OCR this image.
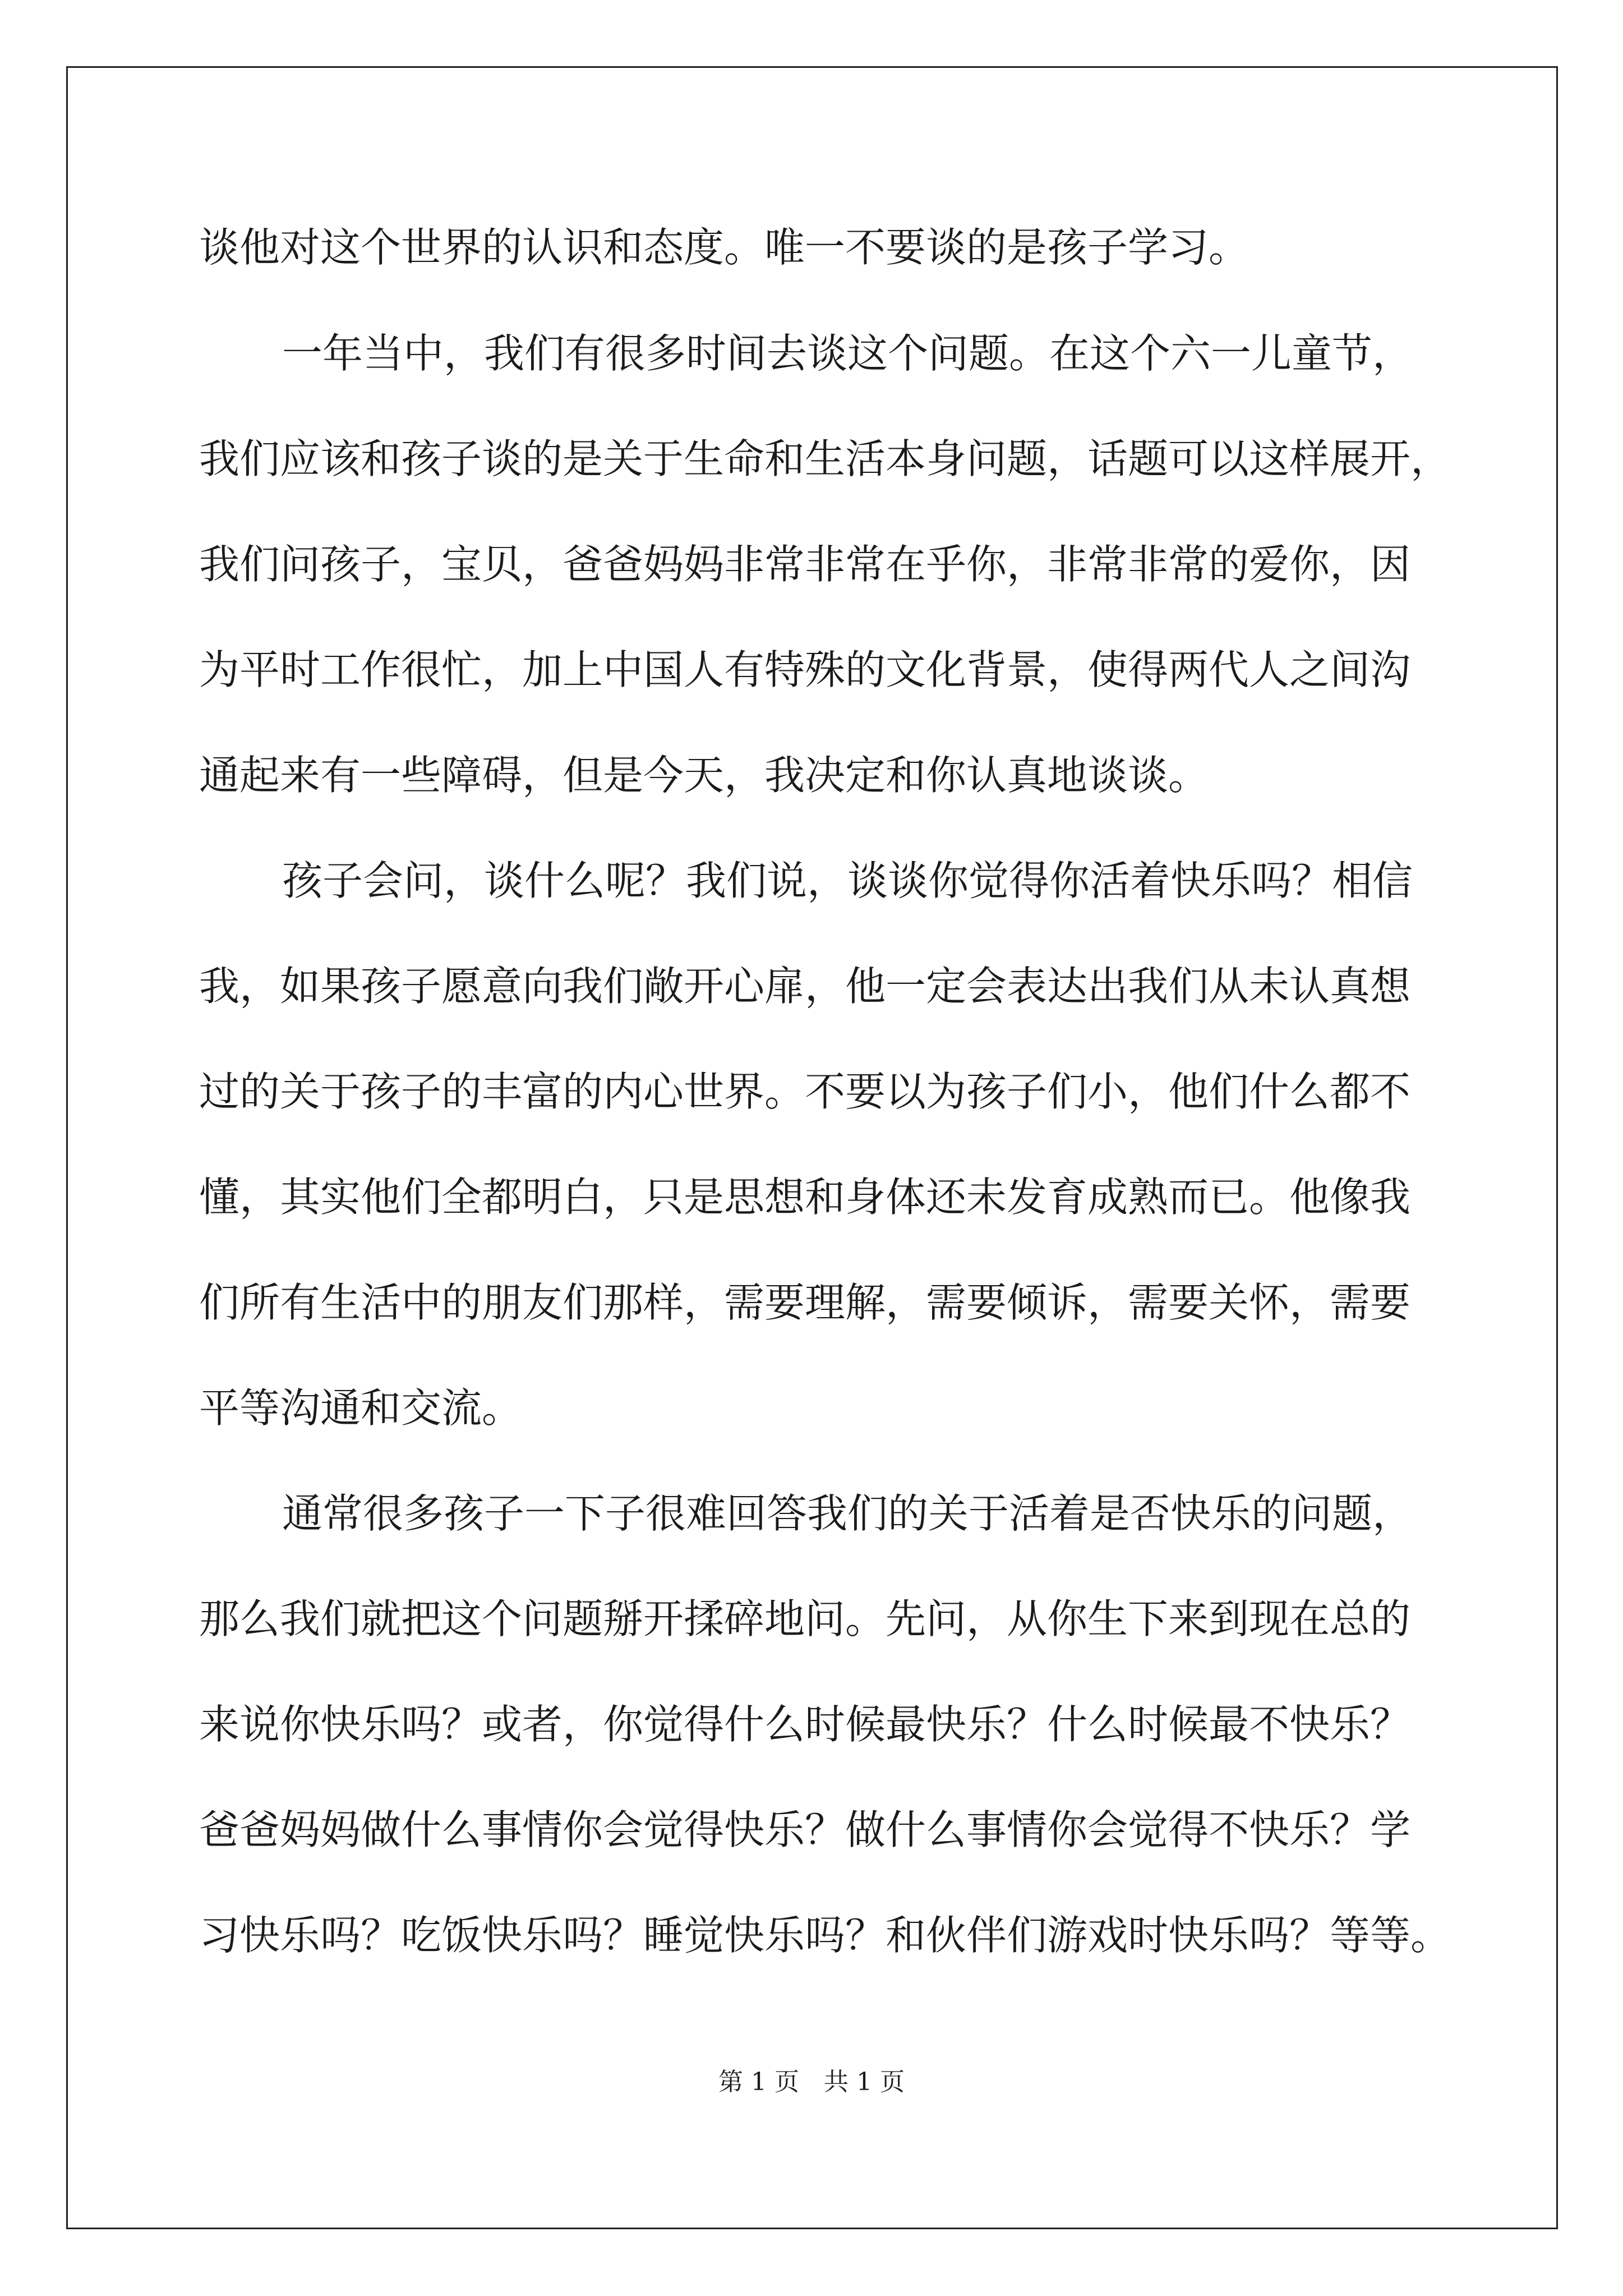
谈他对这个世界的认识和态度。唯一不要谈的是孩子学习。
一年当中，我们有很多时间去谈这个问题。在这个六一儿童节，
我们应该和孩子谈的是关于生命和生活本身问题，话题可以这样展开，
我们问孩子，宝贝，爸爸妈妈非常非常在乎你，非常非常的爱你，因
为平时工作很忙，加上中国人有特殊的文化背景，使得两代人之间沟
通起来有一些障碍，但是今天，我决定和你认真地谈谈。
孩子会问，谈什么呢？我们说，谈谈你觉得你活着快乐吗？相信
我，如果孩子愿意向我们敞开心扉，他一定会表达出我们从未认真想
过的关于孩子的丰富的内心世界。不要以为孩子们小，他们什么都不
懂，其实他们全都明白，只是思想和身体还未发育成熟而已。他像我
们所有生活中的朋友们那样，需要理解，需要倾诉，需要关怀，需要
平等沟通和交流。
通常很多孩子一下子很难回答我们的关于活着是否快乐的问题，
那么我们就把这个问题掰开揉碎地问。先问，从你生下来到现在总的
来说你快乐吗？或者，你觉得什么时候最快乐？什么时候最不快乐？
爸爸妈妈做什么事情你会觉得快乐？做什么事情你会觉得不快乐？学
习快乐吗？吃饭快乐吗？睡觉快乐吗？和伙伴们游戏时快乐吗？等等。
第 1 页　共 1 页
